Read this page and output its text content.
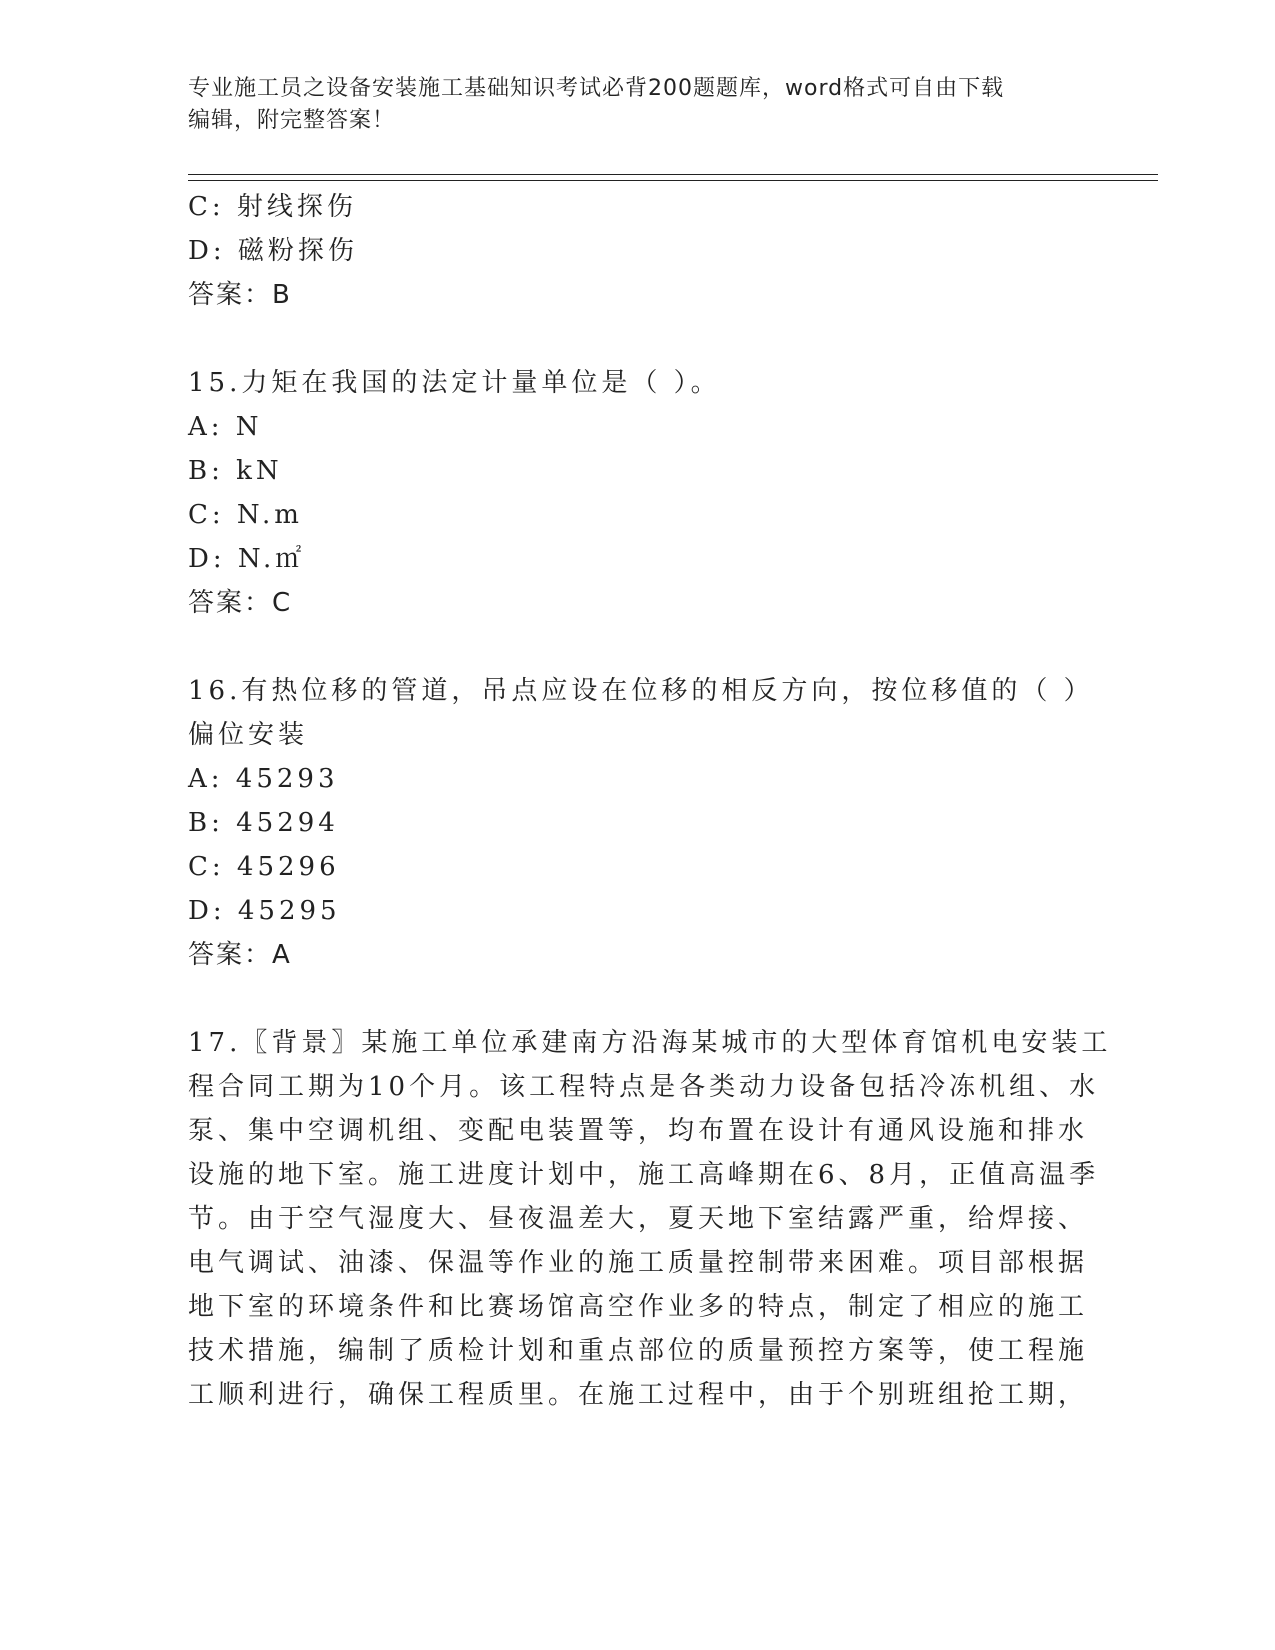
专业施工员之设备安装施工基础知识考试必背200题题库，word格式可自由下载
编辑，附完整答案！
C: 射线探伤
D: 磁粉探伤
答案：B
15.力矩在我国的法定计量单位是（ ）。
A: N
B: kN
C: N.m
D: N.㎡
答案：C
16.有热位移的管道，吊点应设在位移的相反方向，按位移值的（ ）
偏位安装
A: 45293
B: 45294
C: 45296
D: 45295
答案：A
17.〖背景〗某施工单位承建南方沿海某城市的大型体育馆机电安装工
程合同工期为10个月。该工程特点是各类动力设备包括冷冻机组、水
泵、集中空调机组、变配电装置等，均布置在设计有通风设施和排水
设施的地下室。施工进度计划中，施工高峰期在6、8月，正值高温季
节。由于空气湿度大、昼夜温差大，夏天地下室结露严重，给焊接、
电气调试、油漆、保温等作业的施工质量控制带来困难。项目部根据
地下室的环境条件和比赛场馆高空作业多的特点，制定了相应的施工
技术措施，编制了质检计划和重点部位的质量预控方案等，使工程施
工顺利进行，确保工程质里。在施工过程中，由于个别班组抢工期，
